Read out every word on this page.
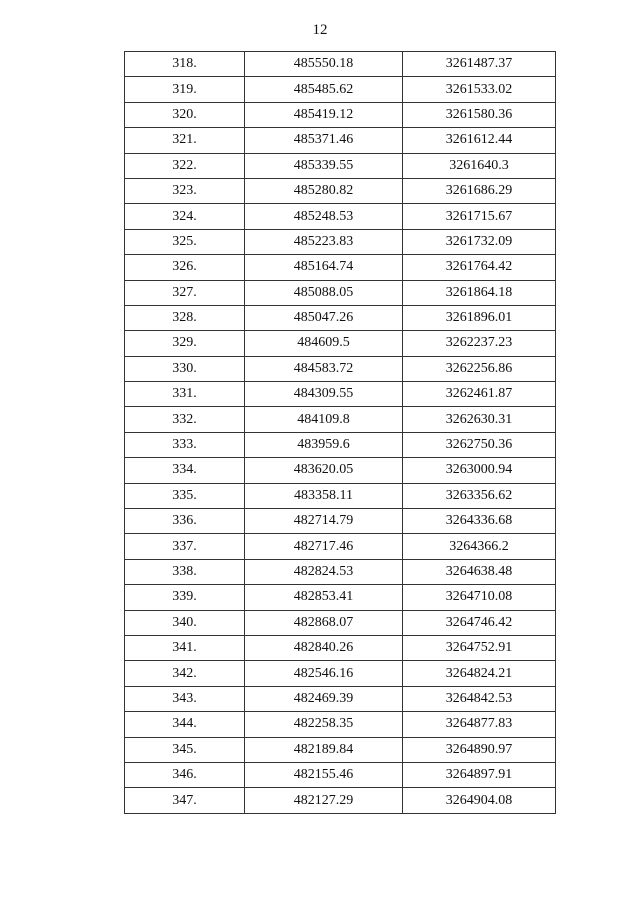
12
318.	485550.18	3261487.37
319.	485485.62	3261533.02
320.	485419.12	3261580.36
321.	485371.46	3261612.44
322.	485339.55	3261640.3
323.	485280.82	3261686.29
324.	485248.53	3261715.67
325.	485223.83	3261732.09
326.	485164.74	3261764.42
327.	485088.05	3261864.18
328.	485047.26	3261896.01
329.	484609.5	3262237.23
330.	484583.72	3262256.86
331.	484309.55	3262461.87
332.	484109.8	3262630.31
333.	483959.6	3262750.36
334.	483620.05	3263000.94
335.	483358.11	3263356.62
336.	482714.79	3264336.68
337.	482717.46	3264366.2
338.	482824.53	3264638.48
339.	482853.41	3264710.08
340.	482868.07	3264746.42
341.	482840.26	3264752.91
342.	482546.16	3264824.21
343.	482469.39	3264842.53
344.	482258.35	3264877.83
345.	482189.84	3264890.97
346.	482155.46	3264897.91
347.	482127.29	3264904.08
